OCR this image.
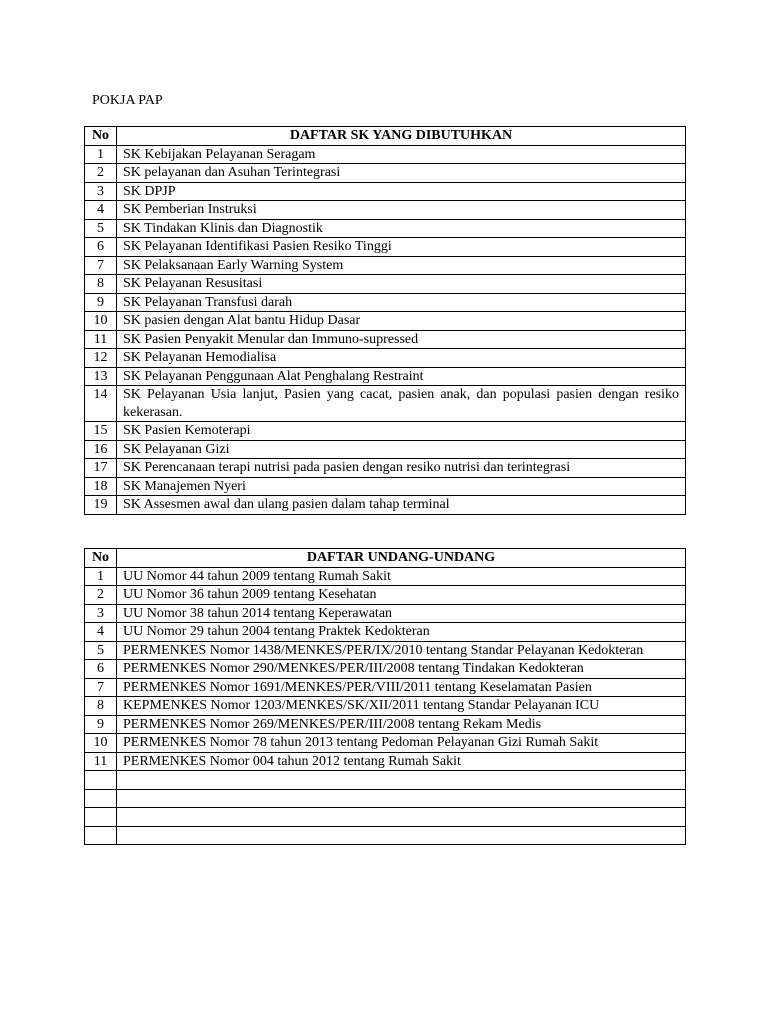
POKJA PAP
No	DAFTAR SK YANG DIBUTUHKAN
1	SK Kebijakan Pelayanan Seragam
2	SK pelayanan dan Asuhan Terintegrasi
3	SK DPJP
4	SK Pemberian Instruksi
5	SK Tindakan Klinis dan Diagnostik
6	SK Pelayanan Identifikasi Pasien Resiko Tinggi
7	SK Pelaksanaan Early Warning System
8	SK Pelayanan Resusitasi
9	SK Pelayanan Transfusi darah
10	SK pasien dengan Alat bantu Hidup Dasar
11	SK Pasien Penyakit Menular dan Immuno-supressed
12	SK Pelayanan Hemodialisa
13	SK Pelayanan Penggunaan Alat Penghalang Restraint
14	SK Pelayanan Usia lanjut, Pasien yang cacat, pasien anak, dan populasi pasien dengan resiko kekerasan.
15	SK Pasien Kemoterapi
16	SK Pelayanan Gizi
17	SK Perencanaan terapi nutrisi pada pasien dengan resiko nutrisi dan terintegrasi
18	SK Manajemen Nyeri
19	SK Assesmen awal dan ulang pasien dalam tahap terminal
No	DAFTAR UNDANG-UNDANG
1	UU Nomor 44 tahun 2009 tentang Rumah Sakit
2	UU Nomor 36 tahun 2009 tentang Kesehatan
3	UU Nomor 38 tahun 2014 tentang Keperawatan
4	UU Nomor 29 tahun 2004 tentang Praktek Kedokteran
5	PERMENKES Nomor 1438/MENKES/PER/IX/2010 tentang Standar Pelayanan Kedokteran
6	PERMENKES Nomor 290/MENKES/PER/III/2008 tentang Tindakan Kedokteran
7	PERMENKES Nomor 1691/MENKES/PER/VIII/2011 tentang Keselamatan Pasien
8	KEPMENKES Nomor 1203/MENKES/SK/XII/2011 tentang Standar Pelayanan ICU
9	PERMENKES Nomor 269/MENKES/PER/III/2008 tentang Rekam Medis
10	PERMENKES Nomor 78 tahun 2013 tentang Pedoman Pelayanan Gizi Rumah Sakit
11	PERMENKES Nomor 004 tahun 2012 tentang Rumah Sakit
